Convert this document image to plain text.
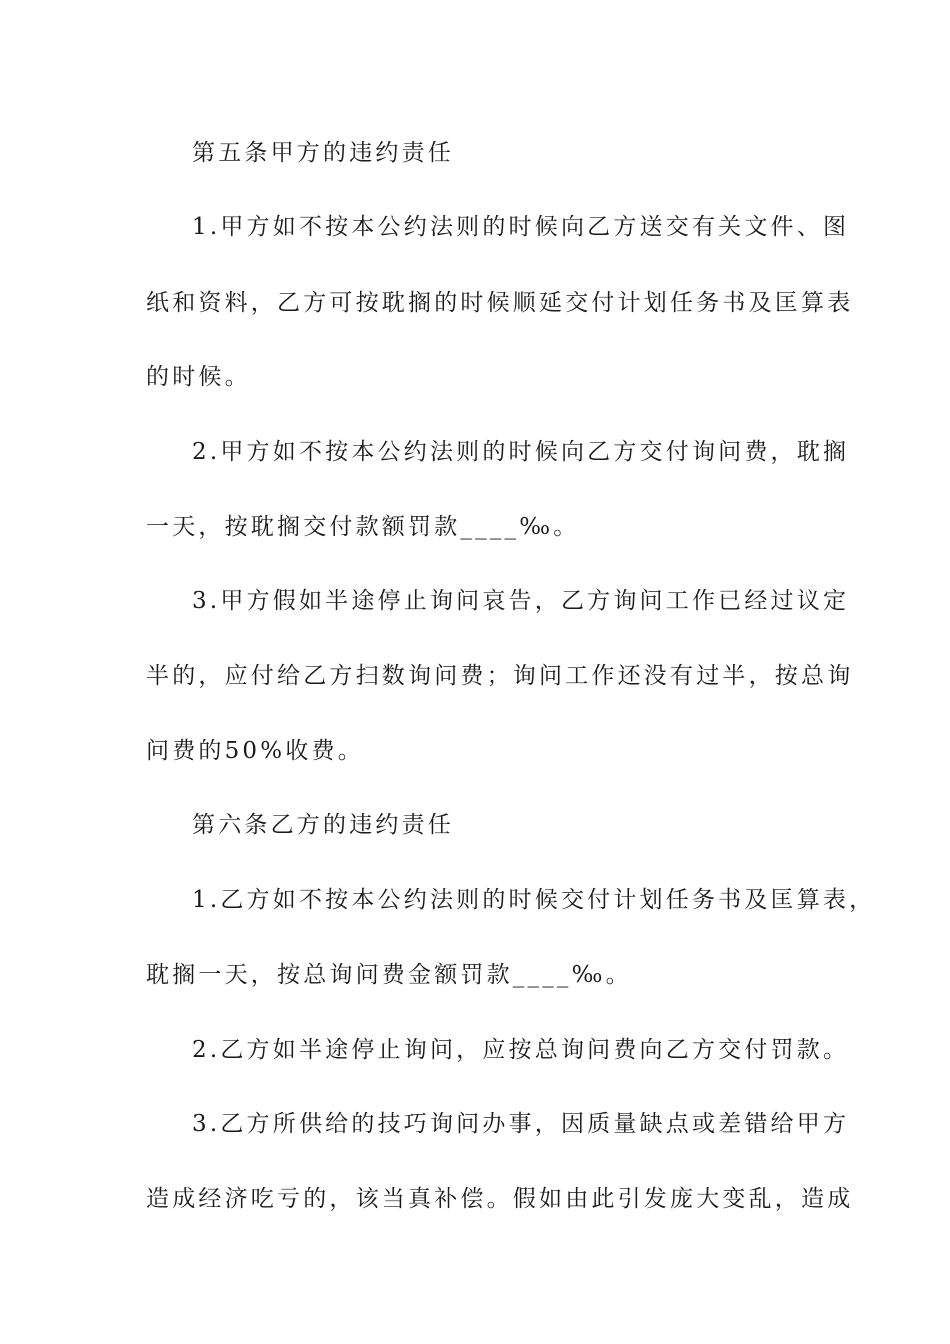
第五条甲方的违约责任
1.甲方如不按本公约法则的时候向乙方送交有关文件、图
纸和资料，乙方可按耽搁的时候顺延交付计划任务书及匡算表
的时候。
2.甲方如不按本公约法则的时候向乙方交付询问费，耽搁
一天，按耽搁交付款额罚款____‰。
3.甲方假如半途停止询问哀告，乙方询问工作已经过议定
半的，应付给乙方扫数询问费；询问工作还没有过半，按总询
问费的50%收费。
第六条乙方的违约责任
1.乙方如不按本公约法则的时候交付计划任务书及匡算表，
耽搁一天，按总询问费金额罚款____‰。
2.乙方如半途停止询问，应按总询问费向乙方交付罚款。
3.乙方所供给的技巧询问办事，因质量缺点或差错给甲方
造成经济吃亏的，该当真补偿。假如由此引发庞大变乱，造成
